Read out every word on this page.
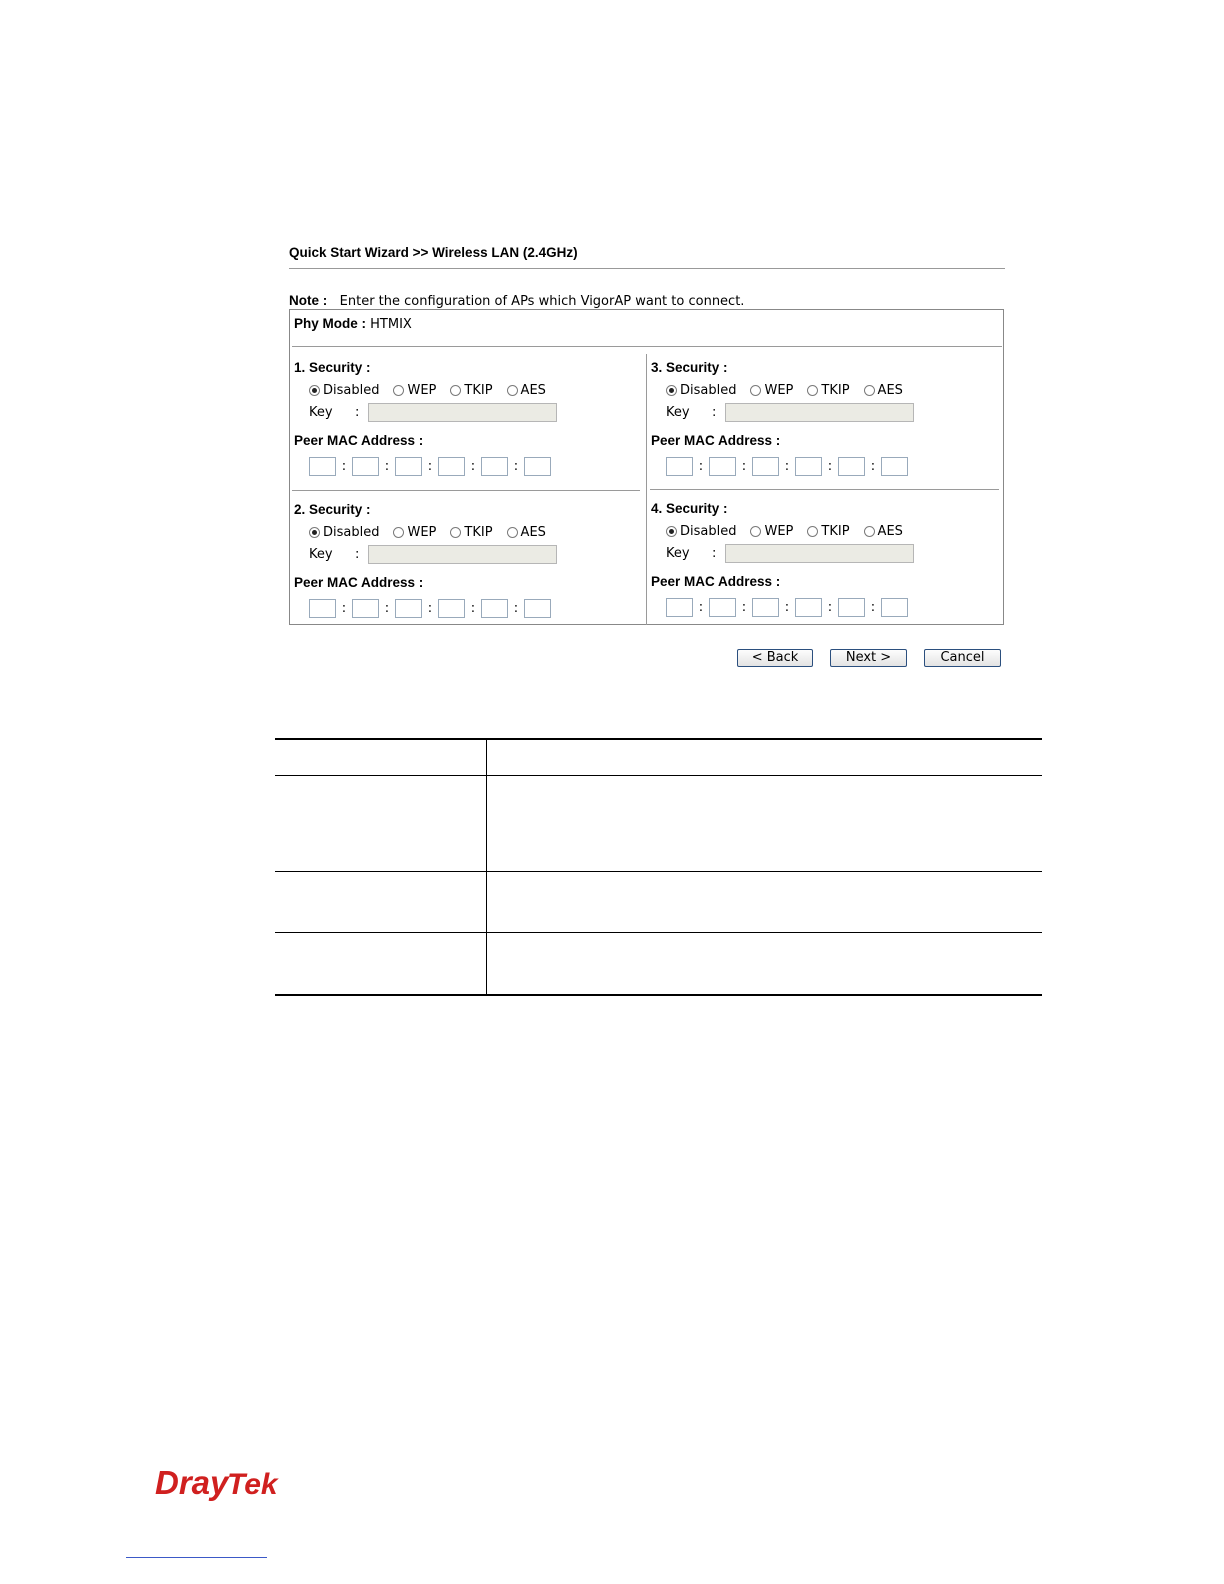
Quick Start Wizard >> Wireless LAN (2.4GHz)
Note : Enter the configuration of APs which VigorAP want to connect.
Phy Mode : HTMIX
1. Security :
Disabled WEP TKIP AES
Key	:
Peer MAC Address :
:	:	:	:	:
2. Security :
Disabled WEP TKIP AES
Key	:
Peer MAC Address :
:	:	:	:	:
3. Security :
Disabled WEP TKIP AES
Key	:
Peer MAC Address :
:	:	:	:	:
4. Security :
Disabled WEP TKIP AES
Key	:
Peer MAC Address :
:	:	:	:	:
< Back	Next >	Cancel
Dray
Tek
